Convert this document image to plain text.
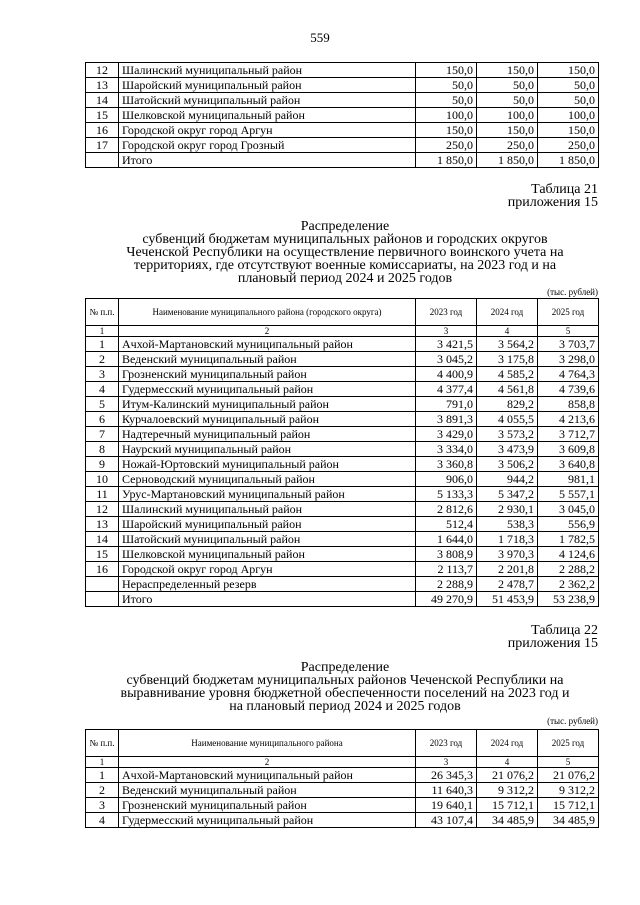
559
12	Шалинский муниципальный район	150,0	150,0	150,0
13	Шаройский муниципальный район	50,0	50,0	50,0
14	Шатойский муниципальный район	50,0	50,0	50,0
15	Шелковской муниципальный район	100,0	100,0	100,0
16	Городской округ город Аргун	150,0	150,0	150,0
17	Городской округ город Грозный	250,0	250,0	250,0
	Итого	1 850,0	1 850,0	1 850,0
Таблица 21
приложения 15
Распределение
субвенций бюджетам муниципальных районов и городских округов
Чеченской Республики на осуществление первичного воинского учета на
территориях, где отсутствуют военные комиссариаты, на 2023 год и на
плановый период 2024 и 2025 годов
(тыс. рублей)
№ п.п.	Наименование муниципального района (городского округа)	2023 год	2024 год	2025 год
1	2	3	4	5
1	Ачхой-Мартановский муниципальный район	3 421,5	3 564,2	3 703,7
2	Веденский муниципальный район	3 045,2	3 175,8	3 298,0
3	Грозненский муниципальный район	4 400,9	4 585,2	4 764,3
4	Гудермесский муниципальный район	4 377,4	4 561,8	4 739,6
5	Итум-Калинский муниципальный район	791,0	829,2	858,8
6	Курчалоевский муниципальный район	3 891,3	4 055,5	4 213,6
7	Надтеречный муниципальный район	3 429,0	3 573,2	3 712,7
8	Наурский муниципальный район	3 334,0	3 473,9	3 609,8
9	Ножай-Юртовский муниципальный район	3 360,8	3 506,2	3 640,8
10	Серноводский муниципальный район	906,0	944,2	981,1
11	Урус-Мартановский муниципальный район	5 133,3	5 347,2	5 557,1
12	Шалинский муниципальный район	2 812,6	2 930,1	3 045,0
13	Шаройский муниципальный район	512,4	538,3	556,9
14	Шатойский муниципальный район	1 644,0	1 718,3	1 782,5
15	Шелковской муниципальный район	3 808,9	3 970,3	4 124,6
16	Городской округ город Аргун	2 113,7	2 201,8	2 288,2
	Нераспределенный резерв	2 288,9	2 478,7	2 362,2
	Итого	49 270,9	51 453,9	53 238,9
Таблица 22
приложения 15
Распределение
субвенций бюджетам муниципальных районов Чеченской Республики на
выравнивание уровня бюджетной обеспеченности поселений на 2023 год и
на плановый период 2024 и 2025 годов
(тыс. рублей)
№ п.п.	Наименование муниципального района	2023 год	2024 год	2025 год
1	2	3	4	5
1	Ачхой-Мартановский муниципальный район	26 345,3	21 076,2	21 076,2
2	Веденский муниципальный район	11 640,3	9 312,2	9 312,2
3	Грозненский муниципальный район	19 640,1	15 712,1	15 712,1
4	Гудермесский муниципальный район	43 107,4	34 485,9	34 485,9
